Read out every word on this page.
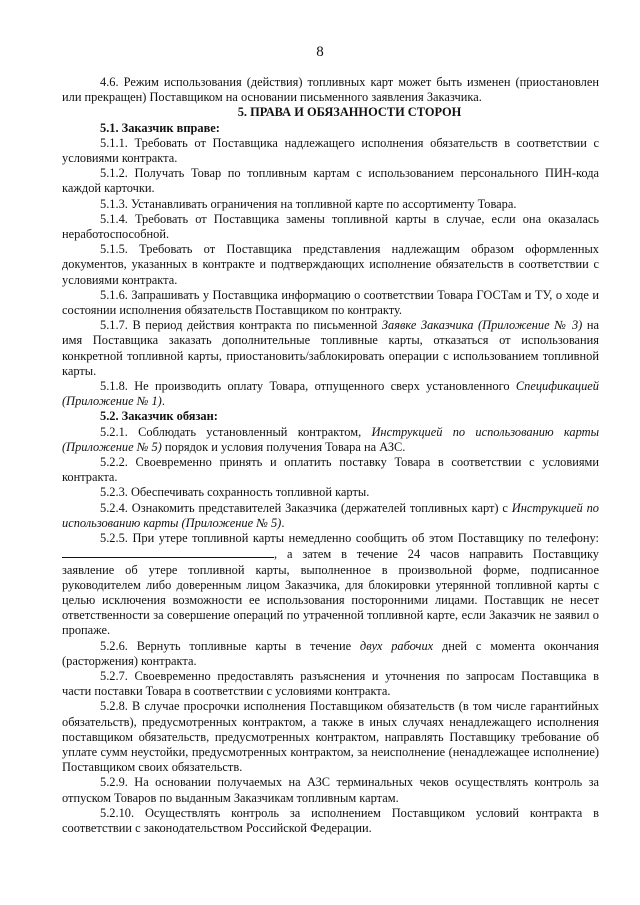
8

4.6. Режим использования (действия) топливных карт может быть изменен (приостановлен или прекращен) Поставщиком на основании письменного заявления Заказчика.

5. ПРАВА И ОБЯЗАННОСТИ СТОРОН

5.1. Заказчик вправе:

5.1.1. Требовать от Поставщика надлежащего исполнения обязательств в соответствии с условиями контракта.

5.1.2. Получать Товар по топливным картам с использованием персонального ПИН-кода каждой карточки.

5.1.3. Устанавливать ограничения на топливной карте по ассортименту Товара.

5.1.4. Требовать от Поставщика замены топливной карты в случае, если она оказалась неработоспособной.

5.1.5. Требовать от Поставщика представления надлежащим образом оформленных документов, указанных в контракте и подтверждающих исполнение обязательств в соответствии с условиями контракта.

5.1.6. Запрашивать у Поставщика информацию о соответствии Товара ГОСТам и ТУ, о ходе и состоянии исполнения обязательств Поставщиком по контракту.

5.1.7. В период действия контракта по письменной Заявке Заказчика (Приложение № 3) на имя Поставщика заказать дополнительные топливные карты, отказаться от использования конкретной топливной карты, приостановить/заблокировать операции с использованием топливной карты.

5.1.8. Не производить оплату Товара, отпущенного сверх установленного Спецификацией (Приложение № 1).

5.2. Заказчик обязан:

5.2.1. Соблюдать установленный контрактом, Инструкцией по использованию карты (Приложение № 5) порядок и условия получения Товара на АЗС.

5.2.2. Своевременно принять и оплатить поставку Товара в соответствии с условиями контракта.

5.2.3. Обеспечивать сохранность топливной карты.

5.2.4. Ознакомить представителей Заказчика (держателей топливных карт) с Инструкцией по использованию карты (Приложение № 5).

5.2.5. При утере топливной карты немедленно сообщить об этом Поставщику по телефону:, а затем в течение 24 часов направить Поставщику заявление об утере топливной карты, выполненное в произвольной форме, подписанное руководителем либо доверенным лицом Заказчика, для блокировки утерянной топливной карты с целью исключения возможности ее использования посторонними лицами. Поставщик не несет ответственности за совершение операций по утраченной топливной карте, если Заказчик не заявил о пропаже.

5.2.6. Вернуть топливные карты в течение двух рабочих дней с момента окончания (расторжения) контракта.

5.2.7. Своевременно предоставлять разъяснения и уточнения по запросам Поставщика в части поставки Товара в соответствии с условиями контракта.

5.2.8. В случае просрочки исполнения Поставщиком обязательств (в том числе гарантийных обязательств), предусмотренных контрактом, а также в иных случаях ненадлежащего исполнения поставщиком обязательств, предусмотренных контрактом, направлять Поставщику требование об уплате сумм неустойки, предусмотренных контрактом, за неисполнение (ненадлежащее исполнение) Поставщиком своих обязательств.

5.2.9. На основании получаемых на АЗС терминальных чеков осуществлять контроль за отпуском Товаров по выданным Заказчикам топливным картам.

5.2.10. Осуществлять контроль за исполнением Поставщиком условий контракта в соответствии с законодательством Российской Федерации.
